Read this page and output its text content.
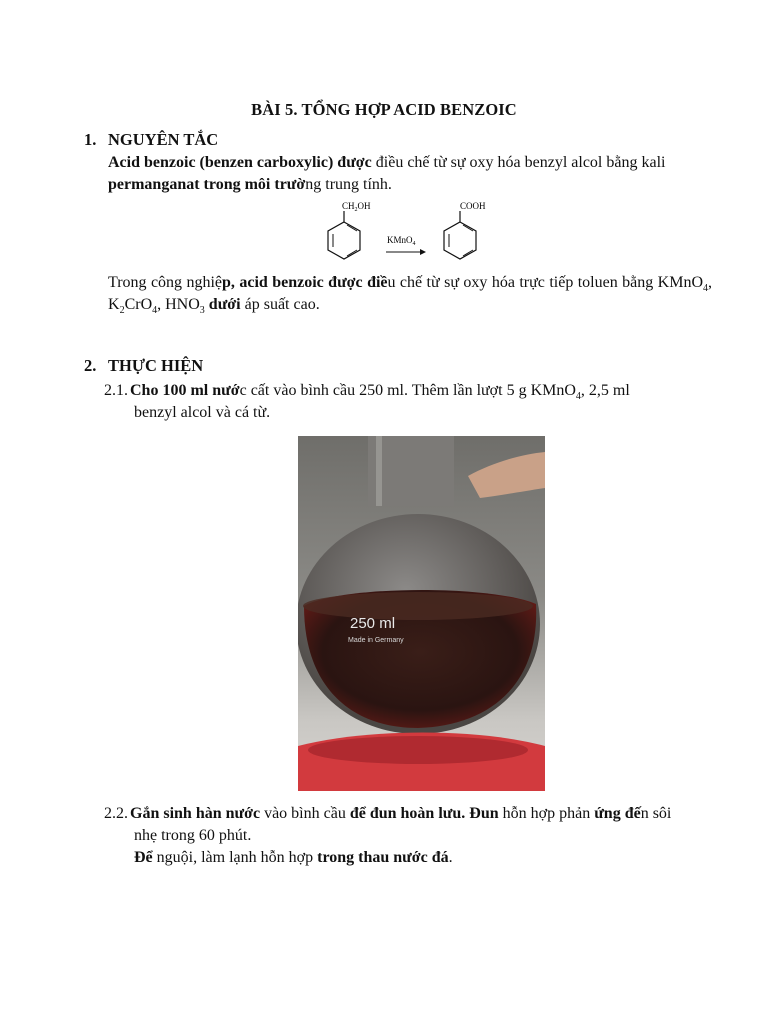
BÀI 5. TỔNG HỢP ACID BENZOIC
1. NGUYÊN TẮC
Acid benzoic (benzen carboxylic) được điều chế từ sự oxy hóa benzyl alcol bằng kali
permanganat trong môi trường trung tính.
$CH_2OH$
KMnO$_4$
COOH
Trong công nghiệp, acid benzoic được điều chế từ sự oxy hóa trực tiếp toluen bằng KMnO$_4$, $K_2CrO_4$, $HNO_3$ dưới áp suất cao.
2. THỰC HIỆN
2.1. Cho 100 ml nước cất vào bình cầu 250 ml. Thêm lần lượt 5 g KMnO$_4$, 2,5 ml
benzyl alcol và cá từ.
250 ml
Made in Germany
2.2. Gắn sinh hàn nước vào bình cầu để đun hoàn lưu. Đun hỗn hợp phản ứng đến sôi
nhẹ trong 60 phút.
Để nguội, làm lạnh hỗn hợp trong thau nước đá.
